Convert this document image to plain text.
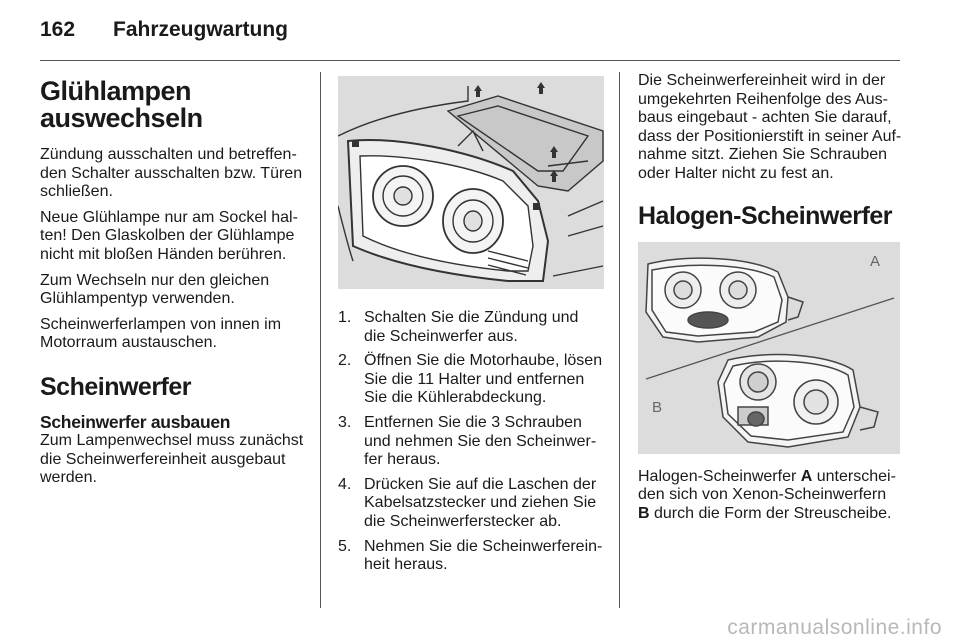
162 Fahrzeugwartung
Glühlampen
auswechseln

Zündung ausschalten und betreffen-den Schalter ausschalten bzw. Türen schließen.

Neue Glühlampe nur am Sockel hal-ten! Den Glaskolben der Glühlampe nicht mit bloßen Händen berühren.

Zum Wechseln nur den gleichen Glühlampentyp verwenden.

Scheinwerferlampen von innen im Motorraum austauschen.

Scheinwerfer
Scheinwerfer ausbauen

Zum Lampenwechsel muss zunächst die Scheinwerfereinheit ausgebaut werden.

1. Schalten Sie die Zündung und die Scheinwerfer aus.
2. Öffnen Sie die Motorhaube, lösen Sie die 11 Halter und entfernen Sie die Kühlerabdeckung.
3. Entfernen Sie die 3 Schrauben und nehmen Sie den Scheinwer-fer heraus.
4. Drücken Sie auf die Laschen der Kabelsatzstecker und ziehen Sie die Scheinwerferstecker ab.
5. Nehmen Sie die Scheinwerferein-heit heraus.

Die Scheinwerfereinheit wird in der umgekehrten Reihenfolge des Aus-baus eingebaut - achten Sie darauf, dass der Positionierstift in seiner Auf-nahme sitzt. Ziehen Sie Schrauben oder Halter nicht zu fest an.

Halogen-Scheinwerfer
A
B

Halogen-Scheinwerfer A unterschei-den sich von Xenon-Scheinwerfern B durch die Form der Streuscheibe.

carmanualsonline.info
